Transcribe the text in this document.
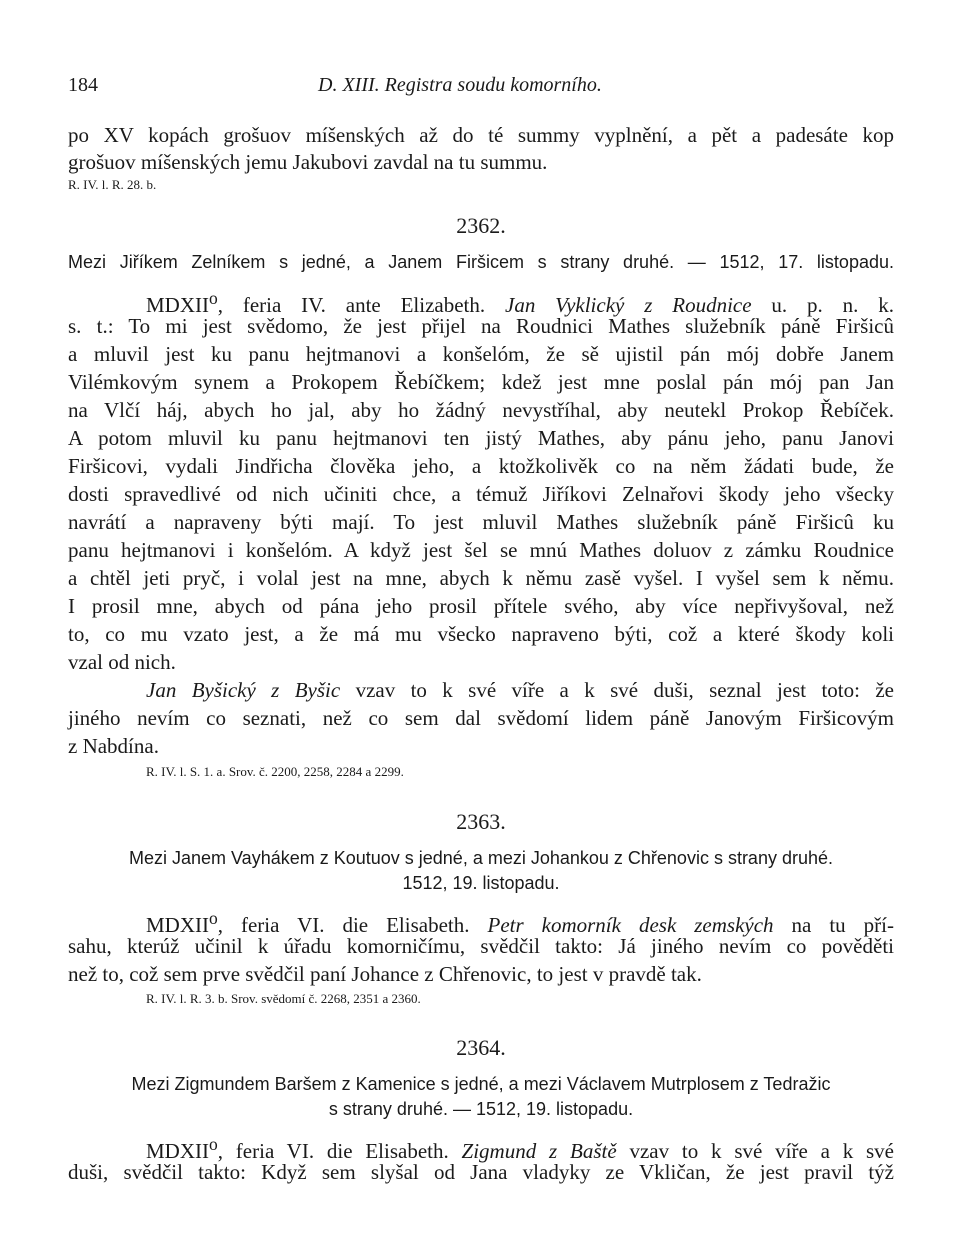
184	D. XIII. Registra soudu komorního.
po XV kopách grošuov míšenských až do té summy vyplnění, a pět a padesáte kop
grošuov míšenských jemu Jakubovi zavdal na tu summu.
R. IV. l. R. 28. b.
2362.
Mezi Jiříkem Zelníkem s jedné, a Janem Firšicem s strany druhé. — 1512, 17. listopadu.
MDXII$^o$, feria IV. ante Elizabeth. Jan Vyklický z Roudnice u. p. n. k.
s. t.: To mi jest svědomo, že jest přijel na Roudnici Mathes služebník páně Firšicû
a mluvil jest ku panu hejtmanovi a konšelóm, že sě ujistil pán mój dobře Janem
Vilémkovým synem a Prokopem Řebíčkem; kdež jest mne poslal pán mój pan Jan
na Vlčí háj, abych ho jal, aby ho žádný nevystříhal, aby neutekl Prokop Řebíček.
A potom mluvil ku panu hejtmanovi ten jistý Mathes, aby pánu jeho, panu Janovi
Firšicovi, vydali Jindřicha člověka jeho, a ktožkolivěk co na něm žádati bude, že
dosti spravedlivé od nich učiniti chce, a témuž Jiříkovi Zelnařovi škody jeho všecky
navrátí a napraveny býti mají. To jest mluvil Mathes služebník páně Firšicû ku
panu hejtmanovi i konšelóm. A když jest šel se mnú Mathes doluov z zámku Roudnice
a chtěl jeti pryč, i volal jest na mne, abych k němu zasě vyšel. I vyšel sem k němu.
I prosil mne, abych od pána jeho prosil přítele svého, aby více nepřivyšoval, než
to, co mu vzato jest, a že má mu všecko napraveno býti, což a které škody koli
vzal od nich.
Jan Byšický z Byšic vzav to k své víře a k své duši, seznal jest toto: že
jiného nevím co seznati, než co sem dal svědomí lidem páně Janovým Firšicovým
z Nabdína.
R. IV. l. S. 1. a. Srov. č. 2200, 2258, 2284 a 2299.
2363.
Mezi Janem Vayhákem z Koutuov s jedné, a mezi Johankou z Chřenovic s strany druhé.
1512, 19. listopadu.
MDXII$^o$, feria VI. die Elisabeth. Petr komorník desk zemských na tu pří-
sahu, kterúž učinil k úřadu komorničímu, svědčil takto: Já jiného nevím co pověděti
než to, což sem prve svědčil paní Johance z Chřenovic, to jest v pravdě tak.
R. IV. l. R. 3. b. Srov. svědomí č. 2268, 2351 a 2360.
2364.
Mezi Zigmundem Baršem z Kamenice s jedné, a mezi Václavem Mutrplosem z Tedražic
s strany druhé. — 1512, 19. listopadu.
MDXII$^o$, feria VI. die Elisabeth. Zigmund z Baště vzav to k své víře a k své
duši, svědčil takto: Když sem slyšal od Jana vladyky ze Vkličan, že jest pravil týž
